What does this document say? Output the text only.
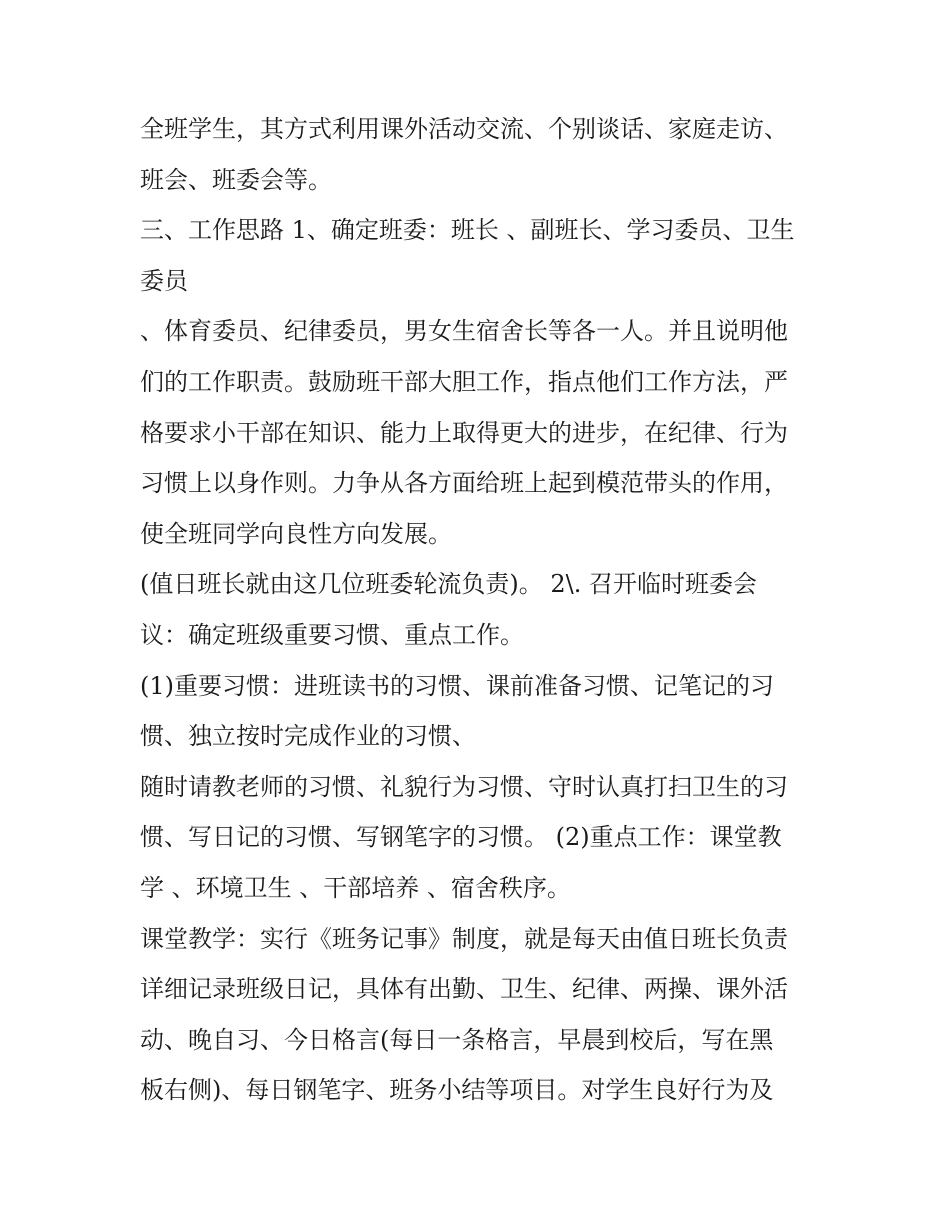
全班学生，其方式利用课外活动交流、个别谈话、家庭走访、
班会、班委会等。
三、工作思路 1、确定班委：班长 、副班长、学习委员、卫生
委员
、体育委员、纪律委员，男女生宿舍长等各一人。并且说明他
们的工作职责。鼓励班干部大胆工作，指点他们工作方法，严
格要求小干部在知识、能力上取得更大的进步，在纪律、行为
习惯上以身作则。力争从各方面给班上起到模范带头的作用，
使全班同学向良性方向发展。
(值日班长就由这几位班委轮流负责)。 2\. 召开临时班委会
议：确定班级重要习惯、重点工作。
(1)重要习惯：进班读书的习惯、课前准备习惯、记笔记的习
惯、独立按时完成作业的习惯、
随时请教老师的习惯、礼貌行为习惯、守时认真打扫卫生的习
惯、写日记的习惯、写钢笔字的习惯。 (2)重点工作：课堂教
学 、环境卫生 、干部培养 、宿舍秩序。
课堂教学：实行《班务记事》制度，就是每天由值日班长负责
详细记录班级日记，具体有出勤、卫生、纪律、两操、课外活
动、晚自习、今日格言(每日一条格言，早晨到校后，写在黑
板右侧)、每日钢笔字、班务小结等项目。对学生良好行为及
